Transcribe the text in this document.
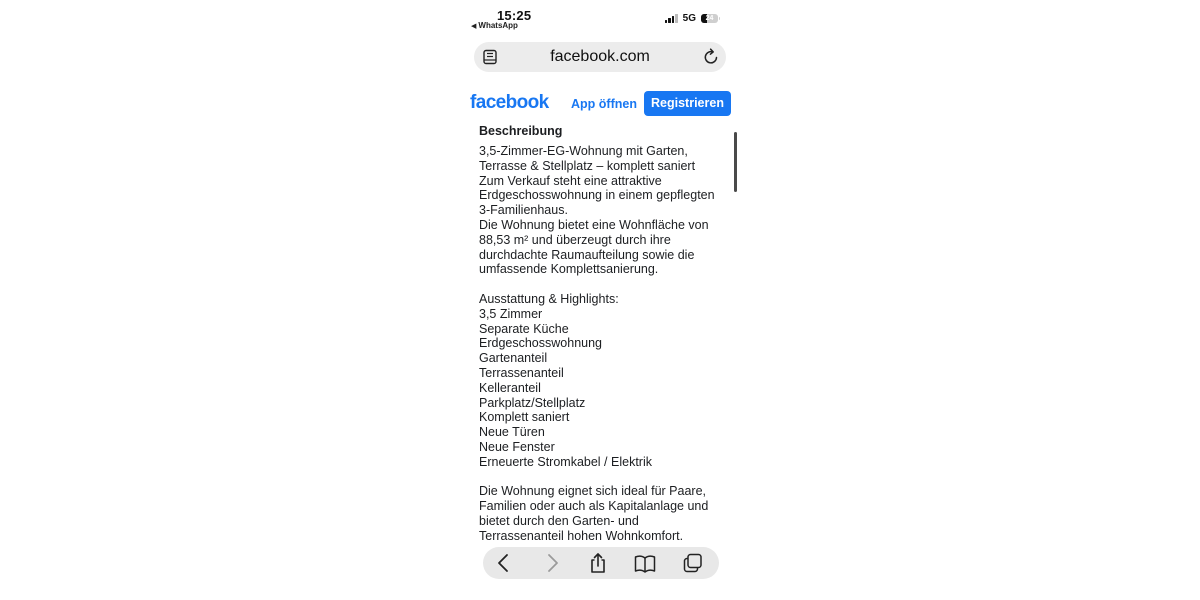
15:25
◀ WhatsApp
5G	24
facebook.com
facebook App öffnen	Registrieren
Beschreibung
3,5-Zimmer-EG-Wohnung mit Garten,
Terrasse & Stellplatz – komplett saniert
Zum Verkauf steht eine attraktive
Erdgeschosswohnung in einem gepflegten
3-Familienhaus.
Die Wohnung bietet eine Wohnfläche von
88,53 m² und überzeugt durch ihre
durchdachte Raumaufteilung sowie die
umfassende Komplettsanierung.
Ausstattung & Highlights:
3,5 Zimmer
Separate Küche
Erdgeschosswohnung
Gartenanteil
Terrassenanteil
Kelleranteil
Parkplatz/Stellplatz
Komplett saniert
Neue Türen
Neue Fenster
Erneuerte Stromkabel / Elektrik
Die Wohnung eignet sich ideal für Paare,
Familien oder auch als Kapitalanlage und
bietet durch den Garten- und
Terrassenanteil hohen Wohnkomfort.
